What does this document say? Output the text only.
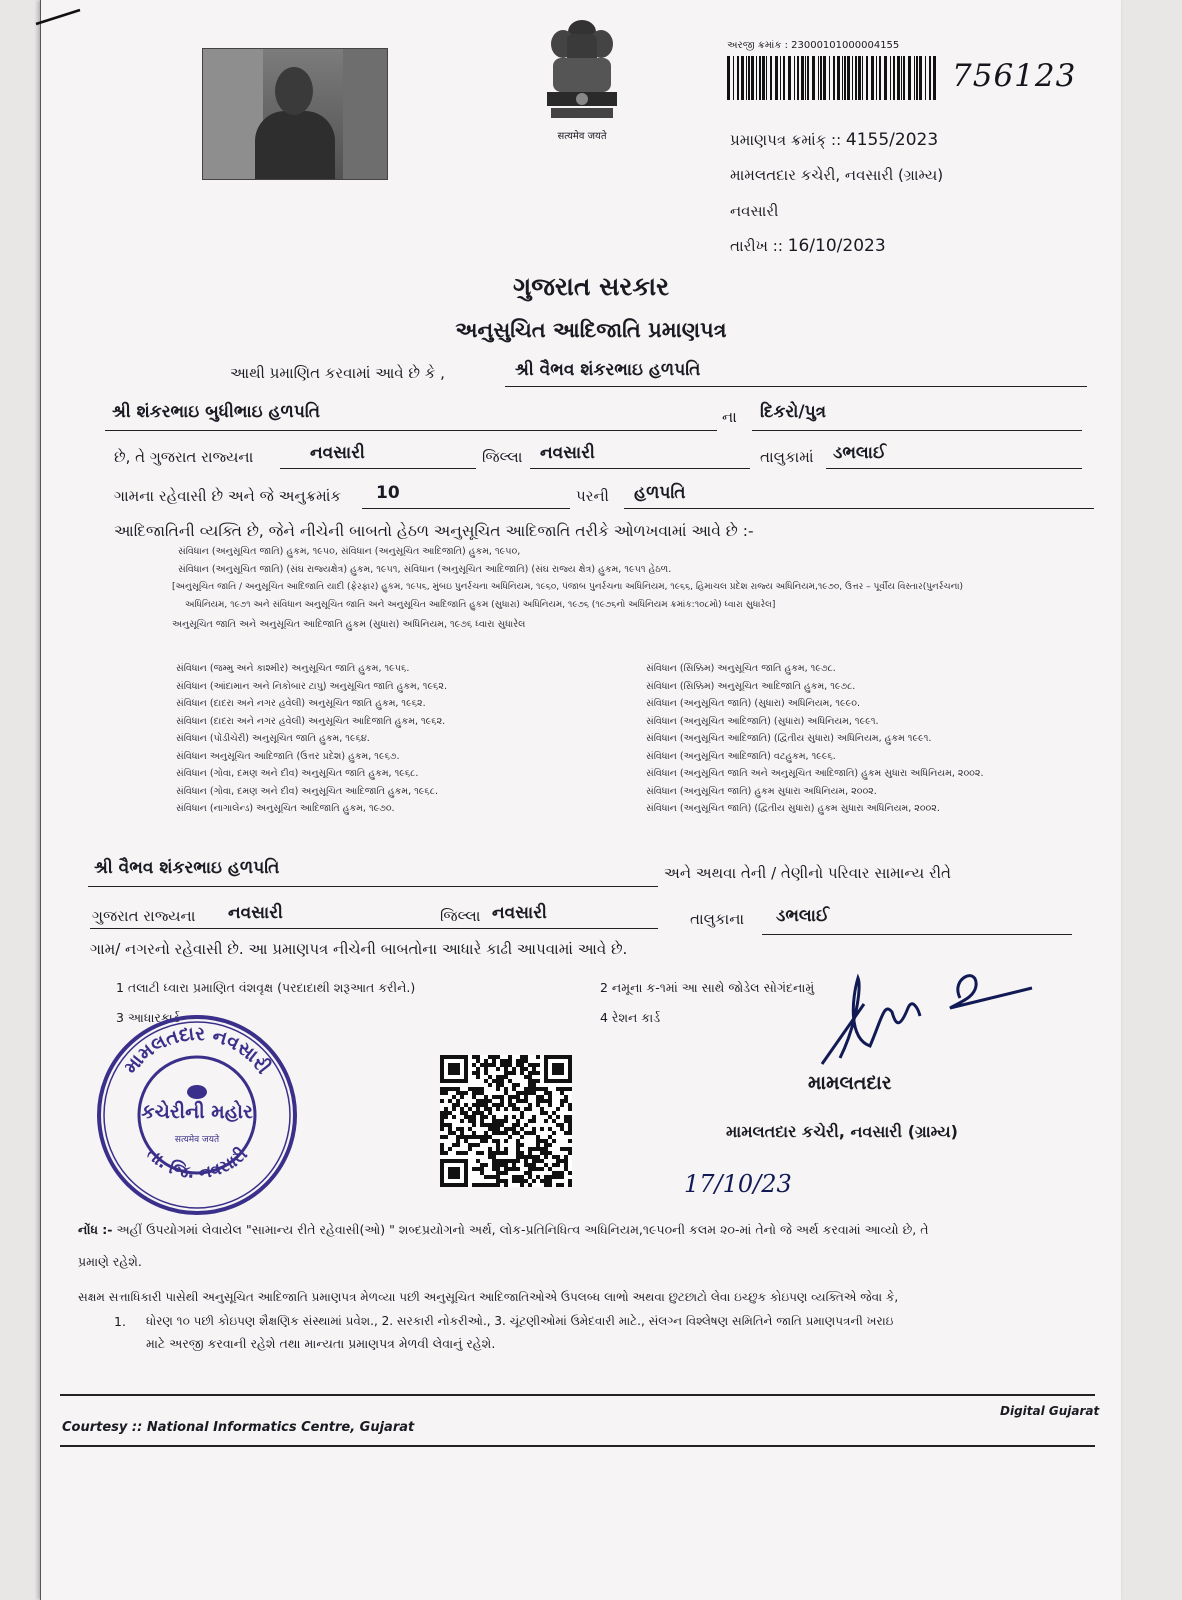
सत्यमेव जयते
અરજી ક્રમાંક : 23000101000004155
756123
પ્રમાણપત્ર ક્રમાંક્ :: 4155/2023
મામલતદાર કચેરી, નવસારી (ગ્રામ્ય)
નવસારી
તારીખ :: 16/10/2023
ગુજરાત સરકાર
અનુસુચિત આદિજાતિ પ્રમાણપત્ર
આથી પ્રમાણિત કરવામાં આવે છે કે ,	શ્રી વૈભવ શંકરભાઇ હળપતિ
શ્રી શંકરભાઇ બુધીભાઇ હળપતિ	ના દિકરો/પુત્ર
છે, તે ગુજરાત રાજ્યના	નવસારી	જિલ્લા નવસારી	તાલુકામાં ડભલાઈ
ગામના રહેવાસી છે અને જે અનુક્રમાંક 10	પરની હળપતિ
આદિજાતિની વ્યક્તિ છે, જેને નીચેની બાબતો હેઠળ અનુસૂચિત આદિજાતિ તરીકે ઓળખવામાં આવે છે :-
સંવિધાન (અનુસૂચિત જાતિ) હુકમ, ૧૯૫૦, સંવિધાન (અનુસૂચિત આદિજાતિ) હુકમ, ૧૯૫૦,
સંવિધાન (અનુસૂચિત જાતિ) (સંઘ રાજ્યક્ષેત્ર) હુકમ, ૧૯૫૧, સંવિધાન (અનુસૂચિત આદિજાતિ) (સંઘ રાજ્ય ક્ષેત્ર) હુકમ, ૧૯૫૧ હેઠળ.
[અનુસૂચિત જાતિ / અનુસૂચિત આદિજાતિ યાદી (ફેરફાર) હુકમ, ૧૯૫૬, મુંબઇ પુનર્રચના અધિનિયમ, ૧૯૬૦, પંજાબ પુનર્રચના અધિનિયમ, ૧૯૬૬, હિમાચલ પ્રદેશ રાજ્ય અધિનિયમ,૧૯૭૦, ઉત્તર – પૂર્વીય વિસ્તાર(પુનર્રચના)
અધિનિયમ, ૧૯૭૧ અને સંવિધાન અનુસૂચિત જાતિ અને અનુસૂચિત આદિજાતિ હુકમ (સુધારા) અધિનિયમ, ૧૯૭૬ (૧૯૭૬નો અધિનિયમ ક્રમાંક:૧૦૮મો) ધ્વારા સુધારેલ]
અનુસૂચિત જાતિ અને અનુસૂચિત આદિજાતિ હુકમ (સુધારા) અધિનિયમ, ૧૯૭૬ ધ્વારા સુધારેલ
સંવિધાન (જમ્મુ અને કાશ્મીર) અનુસૂચિત જાતિ હુકમ, ૧૯૫૬.
સંવિધાન (આંદામાન અને નિકોબાર ટાપુ) અનુસૂચિત જાતિ હુકમ, ૧૯૬૨.
સંવિધાન (દાદરા અને નગર હવેલી) અનુસૂચિત જાતિ હુકમ, ૧૯૬૨.
સંવિધાન (દાદરા અને નગર હવેલી) અનુસૂચિત આદિજાતિ હુકમ, ૧૯૬૨.
સંવિધાન (પોંડીચેરી) અનુસૂચિત જાતિ હુકમ, ૧૯૬૪.
સંવિધાન અનુસૂચિત આદિજાતિ (ઉત્તર પ્રદેશ) હુકમ, ૧૯૬૭.
સંવિધાન (ગોવા, દમણ અને દીવ) અનુસૂચિત જાતિ હુકમ, ૧૯૬૮.
સંવિધાન (ગોવા, દમણ અને દીવ) અનુસૂચિત આદિજાતિ હુકમ, ૧૯૬૮.
સંવિધાન (નાગાલેન્ડ) અનુસૂચિત આદિજાતિ હુકમ, ૧૯૭૦.
સંવિધાન (સિક્કિમ) અનુસૂચિત જાતિ હુકમ, ૧૯૭૮.
સંવિધાન (સિક્કિમ) અનુસૂચિત આદિજાતિ હુકમ, ૧૯૭૮.
સંવિધાન (અનુસૂચિત જાતિ) (સુધારા) અધિનિયમ, ૧૯૯૦.
સંવિધાન (અનુસૂચિત આદિજાતિ) (સુધારા) અધિનિયમ, ૧૯૯૧.
સંવિધાન (અનુસૂચિત આદિજાતિ) (દ્વિતીય સુધારા) અધિનિયમ, હુકમ ૧૯૯૧.
સંવિધાન (અનુસૂચિત આદિજાતિ) વટહુકમ, ૧૯૯૬.
સંવિધાન (અનુસૂચિત જાતિ અને અનુસૂચિત આદિજાતિ) હુકમ સુધારા અધિનિયમ, ૨૦૦૨.
સંવિધાન (અનુસૂચિત જાતિ) હુકમ સુધારા અધિનિયમ, ૨૦૦૨.
સંવિધાન (અનુસૂચિત જાતિ) (દ્વિતીય સુધારા) હુકમ સુધારા અધિનિયમ, ૨૦૦૨.
શ્રી વૈભવ શંકરભાઇ હળપતિ	અને અથવા તેની / તેણીનો પરિવાર સામાન્ય રીતે
ગુજરાત રાજ્યના નવસારી	જિલ્લા નવસારી	તાલુકાના ડભલાઈ
ગામ/ નગરનો રહેવાસી છે. આ પ્રમાણપત્ર નીચેની બાબતોના આધારે કાઢી આપવામાં આવે છે.
1 તલાટી ધ્વારા પ્રમાણિત વંશવૃક્ષ (પરદાદાથી શરૂઆત કરીને.)	2 નમૂના ક-૧માં આ સાથે જોડેલ સોગંદનામું
3 આધારકાર્ડ	4 રેશન કાર્ડ
મામલતદાર નવસારી
તા. જિ. નવસારી
કચેરીની મહોર
सत्यमेव जयते
મામલતદાર
મામલતદાર કચેરી, નવસારી (ગ્રામ્ય)
17/10/23
નોંધ :- અહીં ઉપયોગમાં લેવાયેલ "સામાન્ય રીતે રહેવાસી(ઓ) " શબ્દપ્રયોગનો અર્થ, લોક-પ્રતિનિધિત્વ અધિનિયમ,૧૯૫૦ની કલમ ૨૦-માં તેનો જે અર્થ કરવામાં આવ્યો છે, તે
પ્રમાણે રહેશે.
સક્ષમ સત્તાધિકારી પાસેથી અનુસૂચિત આદિજાતિ પ્રમાણપત્ર મેળવ્યા પછી અનુસૂચિત આદિજાતિઓએ ઉપલબ્ધ લાભો અથવા છુટછાટો લેવા ઇચ્છુક કોઇપણ વ્યક્તિએ જેવા કે,
1. ધોરણ ૧૦ પછી કોઇપણ શૈક્ષણિક સંસ્થામાં પ્રવેશ., 2. સરકારી નોકરીઓ., 3. ચૂંટણીઓમાં ઉમેદવારી માટે., સંલગ્ન વિશ્લેષણ સમિતિને જાતિ પ્રમાણપત્રની ખરાઇ
માટે અરજી કરવાની રહેશે તથા માન્યતા પ્રમાણપત્ર મેળવી લેવાનું રહેશે.
Courtesy :: National Informatics Centre, Gujarat
Digital Gujarat
